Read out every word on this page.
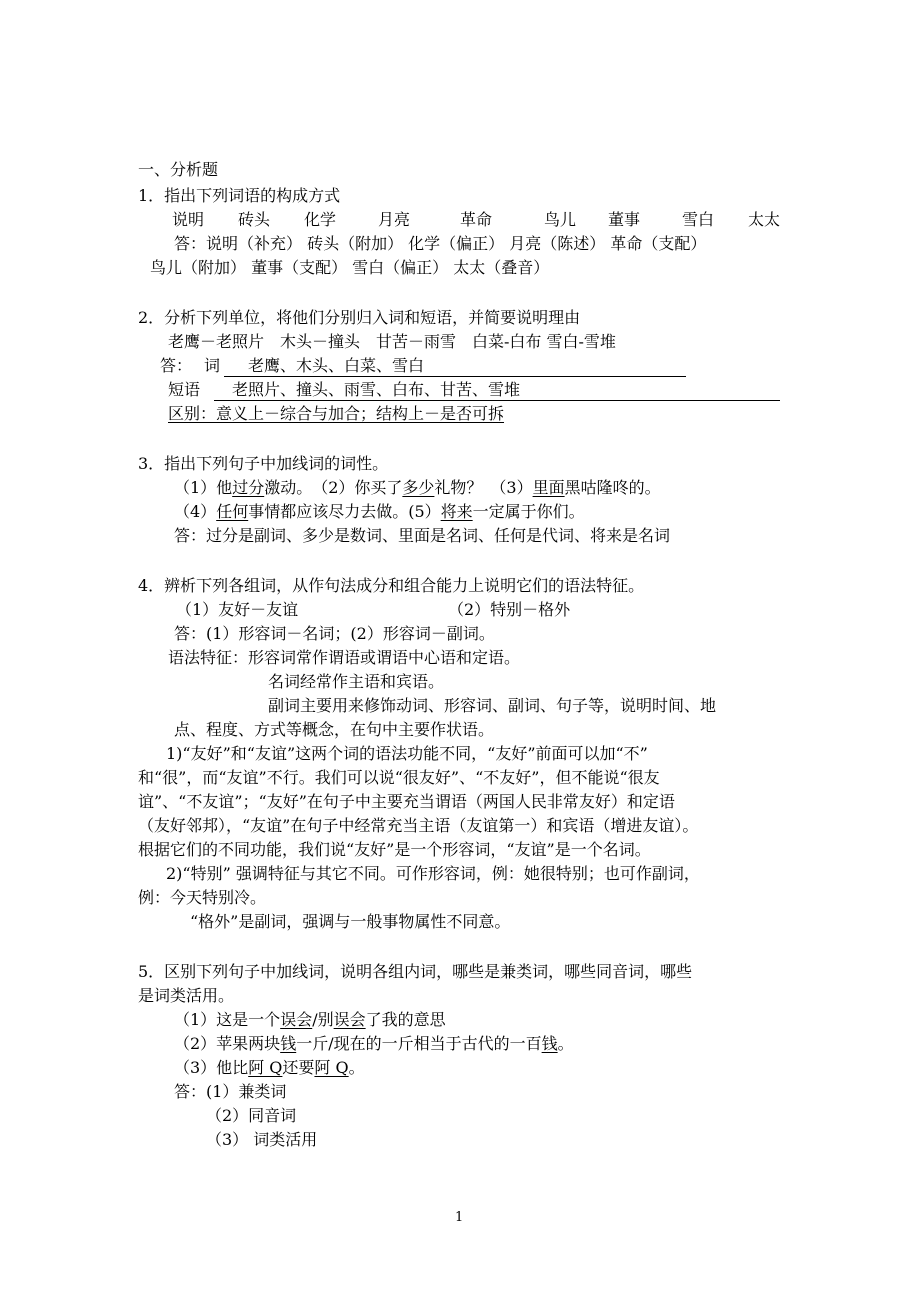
一、分析题
1．指出下列词语的构成方式
说明 砖头 化学	月亮	革命	鸟儿 董事	雪白 太太
答：说明（补充） 砖头（附加） 化学（偏正） 月亮（陈述） 革命（支配）
鸟儿（附加） 董事（支配） 雪白（偏正） 太太（叠音）
2．分析下列单位，将他们分别归入词和短语，并简要说明理由
老鹰－老照片　木头－撞头　甘苦－雨雪　白菜-白布 雪白-雪堆
答： 词 老鹰、木头、白菜、雪白
短语 老照片、撞头、雨雪、白布、甘苦、雪堆
区别：意义上－综合与加合；结构上－是否可拆
3．指出下列句子中加线词的词性。
（1）他过分激动。　（2）你买了多少礼物？　（3）里面黑咕隆咚的。
（4）任何事情都应该尽力去做。(5）将来一定属于你们。
答：过分是副词、多少是数词、里面是名词、任何是代词、将来是名词
4．辨析下列各组词，从作句法成分和组合能力上说明它们的语法特征。
（1）友好－友谊	（2）特别－格外
答：(1）形容词－名词；(2）形容词－副词。
语法特征：形容词常作谓语或谓语中心语和定语。
名词经常作主语和宾语。
副词主要用来修饰动词、形容词、副词、句子等，说明时间、地
点、程度、方式等概念，在句中主要作状语。
1)“友好”和“友谊”这两个词的语法功能不同，“友好”前面可以加“不”
和“很”，而“友谊”不行。我们可以说“很友好”、“不友好”，但不能说“很友
谊”、“不友谊”；“友好”在句子中主要充当谓语（两国人民非常友好）和定语
（友好邻邦），“友谊”在句子中经常充当主语（友谊第一）和宾语（增进友谊）。
根据它们的不同功能，我们说“友好”是一个形容词，“友谊”是一个名词。
2)“特别” 强调特征与其它不同。可作形容词，例：她很特别；也可作副词，
例：今天特别冷。
“格外”是副词，强调与一般事物属性不同意。
5．区别下列句子中加线词，说明各组内词，哪些是兼类词，哪些同音词，哪些
是词类活用。
（1）这是一个误会/别误会了我的意思
（2）苹果两块钱一斤/现在的一斤相当于古代的一百钱。
（3）他比阿 Q还要阿 Q。
答：(1）兼类词
（2）同音词
（3） 词类活用
1
